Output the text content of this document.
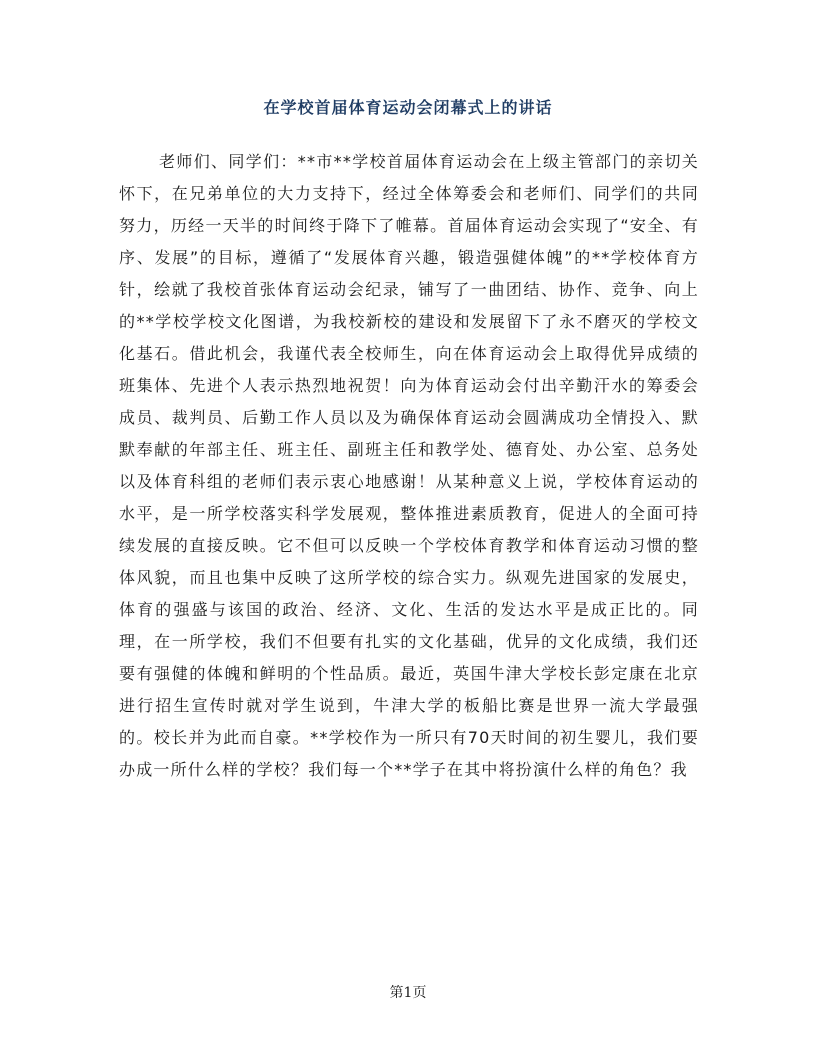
在学校首届体育运动会闭幕式上的讲话

老师们、同学们：**市**学校首届体育运动会在上级主管部门的亲切关怀下，在兄弟单位的大力支持下，经过全体筹委会和老师们、同学们的共同努力，历经一天半的时间终于降下了帷幕。首届体育运动会实现了“安全、有序、发展”的目标，遵循了“发展体育兴趣，锻造强健体魄”的**学校体育方针，绘就了我校首张体育运动会纪录，铺写了一曲团结、协作、竞争、向上的**学校学校文化图谱，为我校新校的建设和发展留下了永不磨灭的学校文化基石。借此机会，我谨代表全校师生，向在体育运动会上取得优异成绩的班集体、先进个人表示热烈地祝贺！向为体育运动会付出辛勤汗水的筹委会成员、裁判员、后勤工作人员以及为确保体育运动会圆满成功全情投入、默默奉献的年部主任、班主任、副班主任和教学处、德育处、办公室、总务处以及体育科组的老师们表示衷心地感谢！从某种意义上说，学校体育运动的水平，是一所学校落实科学发展观，整体推进素质教育，促进人的全面可持续发展的直接反映。它不但可以反映一个学校体育教学和体育运动习惯的整体风貌，而且也集中反映了这所学校的综合实力。纵观先进国家的发展史，体育的强盛与该国的政治、经济、文化、生活的发达水平是成正比的。同理，在一所学校，我们不但要有扎实的文化基础，优异的文化成绩，我们还要有强健的体魄和鲜明的个性品质。最近，英国牛津大学校长彭定康在北京进行招生宣传时就对学生说到，牛津大学的板船比赛是世界一流大学最强的。校长并为此而自豪。**学校作为一所只有70天时间的初生婴儿，我们要办成一所什么样的学校？我们每一个**学子在其中将扮演什么样的角色？我

第1页
